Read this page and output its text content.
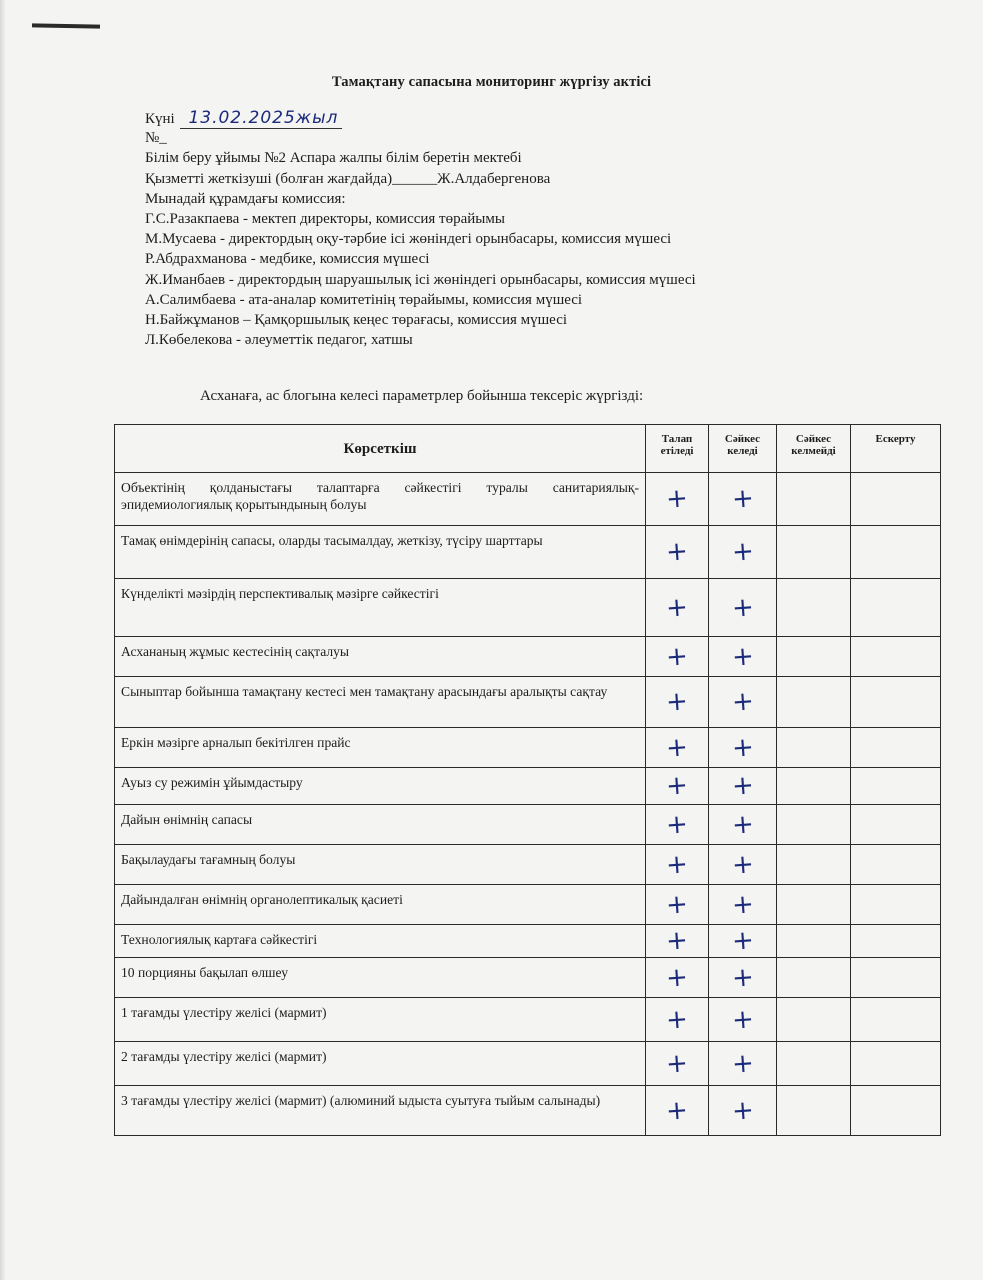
Тамақтану сапасына мониторинг жүргізу актісі
Күні 13.02.2025жыл
№_
Білім беру ұйымы №2 Аспара жалпы білім беретін мектебі
Қызметті жеткізуші (болған жағдайда)______Ж.Алдабергенова
Мынадай құрамдағы комиссия:
Г.С.Разакпаева - мектеп директоры, комиссия төрайымы
М.Мусаева - директордың оқу-тәрбие ісі жөніндегі орынбасары, комиссия мүшесі
Р.Абдрахманова - медбике, комиссия мүшесі
Ж.Иманбаев - директордың шаруашылық ісі жөніндегі орынбасары, комиссия мүшесі
А.Салимбаева - ата-аналар комитетінің төрайымы, комиссия мүшесі
Н.Байжұманов – Қамқоршылық кеңес төрағасы, комиссия мүшесі
Л.Көбелекова - әлеуметтік педагог, хатшы
Асханаға, ас блогына келесі параметрлер бойынша тексеріс жүргізді:
Көрсеткіш	Талап етіледі	Сәйкес келеді	Сәйкес келмейді	Ескерту
Объектінің қолданыстағы талаптарға сәйкестігі туралы санитариялық-эпидемиологиялық қорытындының болуы	+	+		
Тамақ өнімдерінің сапасы, оларды тасымалдау, жеткізу, түсіру шарттары	+	+		
Күнделікті мәзірдің перспективалық мәзірге сәйкестігі	+	+		
Асхананың жұмыс кестесінің сақталуы	+	+		
Сыныптар бойынша тамақтану кестесі мен тамақтану арасындағы аралықты сақтау	+	+		
Еркін мәзірге арналып бекітілген прайс	+	+		
Ауыз су режимін ұйымдастыру	+	+		
Дайын өнімнің сапасы	+	+		
Бақылаудағы тағамның болуы	+	+		
Дайындалған өнімнің органолептикалық қасиеті	+	+		
Технологиялық картаға сәйкестігі	+	+		
10 порцияны бақылап өлшеу	+	+		
1 тағамды үлестіру желісі (мармит)	+	+		
2 тағамды үлестіру желісі (мармит)	+	+		
3 тағамды үлестіру желісі (мармит) (алюминий ыдыста суытуға тыйым салынады)	+	+		
